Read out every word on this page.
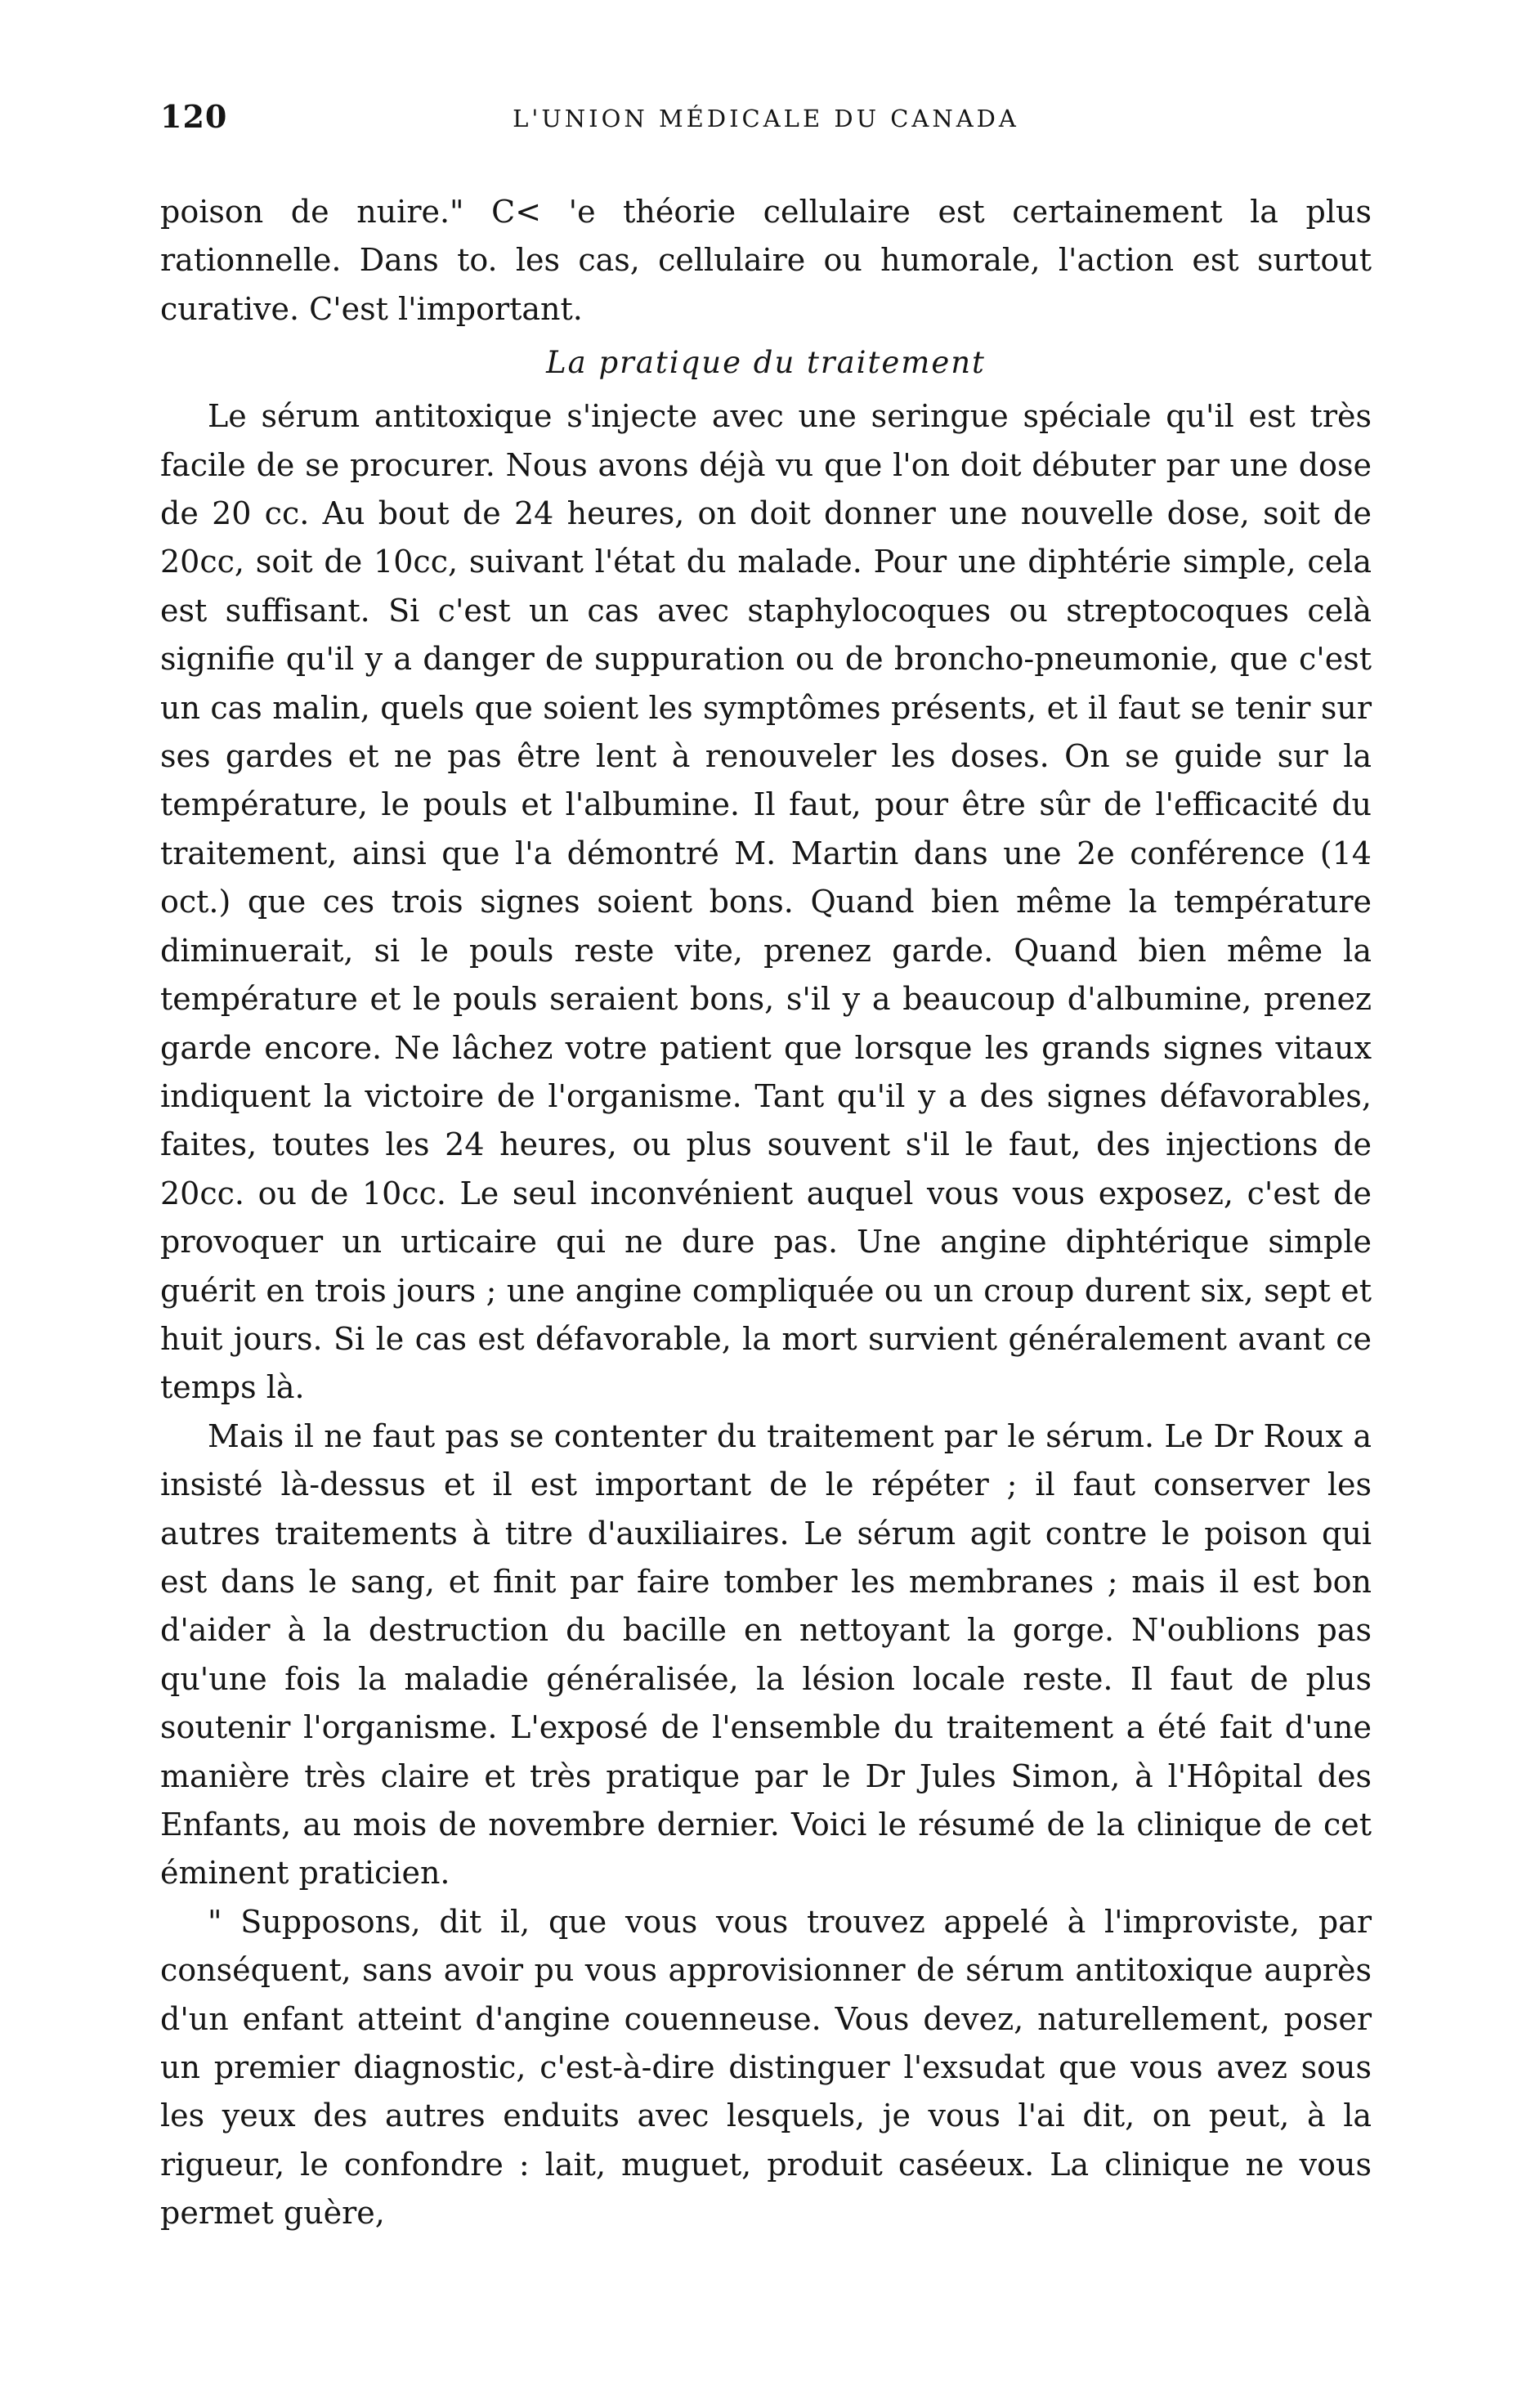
120	L'UNION MÉDICALE DU CANADA

poison de nuire." C< 'e théorie cellulaire est certainement la plus rationnelle. Dans to. les cas, cellulaire ou humorale, l'action est surtout curative. C'est l'important.

La pratique du traitement

Le sérum antitoxique s'injecte avec une seringue spéciale qu'il est très facile de se procurer. Nous avons déjà vu que l'on doit débuter par une dose de 20 cc. Au bout de 24 heures, on doit donner une nouvelle dose, soit de 20cc, soit de 10cc, suivant l'état du malade. Pour une diphtérie simple, cela est suffisant. Si c'est un cas avec staphylocoques ou streptocoques celà signifie qu'il y a danger de suppuration ou de broncho-pneumonie, que c'est un cas malin, quels que soient les symptômes présents, et il faut se tenir sur ses gardes et ne pas être lent à renouveler les doses. On se guide sur la température, le pouls et l'albumine. Il faut, pour être sûr de l'efficacité du traitement, ainsi que l'a démontré M. Martin dans une 2e conférence (14 oct.) que ces trois signes soient bons. Quand bien même la température diminuerait, si le pouls reste vite, prenez garde. Quand bien même la température et le pouls seraient bons, s'il y a beaucoup d'albumine, prenez garde encore. Ne lâchez votre patient que lorsque les grands signes vitaux indiquent la victoire de l'organisme. Tant qu'il y a des signes défavorables, faites, toutes les 24 heures, ou plus souvent s'il le faut, des injections de 20cc. ou de 10cc. Le seul inconvénient auquel vous vous exposez, c'est de provoquer un urticaire qui ne dure pas. Une angine diphtérique simple guérit en trois jours ; une angine compliquée ou un croup durent six, sept et huit jours. Si le cas est défavorable, la mort survient généralement avant ce temps là.

Mais il ne faut pas se contenter du traitement par le sérum. Le Dr Roux a insisté là-dessus et il est important de le répéter ; il faut conserver les autres traitements à titre d'auxiliaires. Le sérum agit contre le poison qui est dans le sang, et finit par faire tomber les membranes ; mais il est bon d'aider à la destruction du bacille en nettoyant la gorge. N'oublions pas qu'une fois la maladie généralisée, la lésion locale reste. Il faut de plus soutenir l'organisme. L'exposé de l'ensemble du traitement a été fait d'une manière très claire et très pratique par le Dr Jules Simon, à l'Hôpital des Enfants, au mois de novembre dernier. Voici le résumé de la clinique de cet éminent praticien.

" Supposons, dit il, que vous vous trouvez appelé à l'improviste, par conséquent, sans avoir pu vous approvisionner de sérum antitoxique auprès d'un enfant atteint d'angine couenneuse. Vous devez, naturellement, poser un premier diagnostic, c'est-à-dire distinguer l'exsudat que vous avez sous les yeux des autres enduits avec lesquels, je vous l'ai dit, on peut, à la rigueur, le confondre : lait, muguet, produit caséeux. La clinique ne vous permet guère,
